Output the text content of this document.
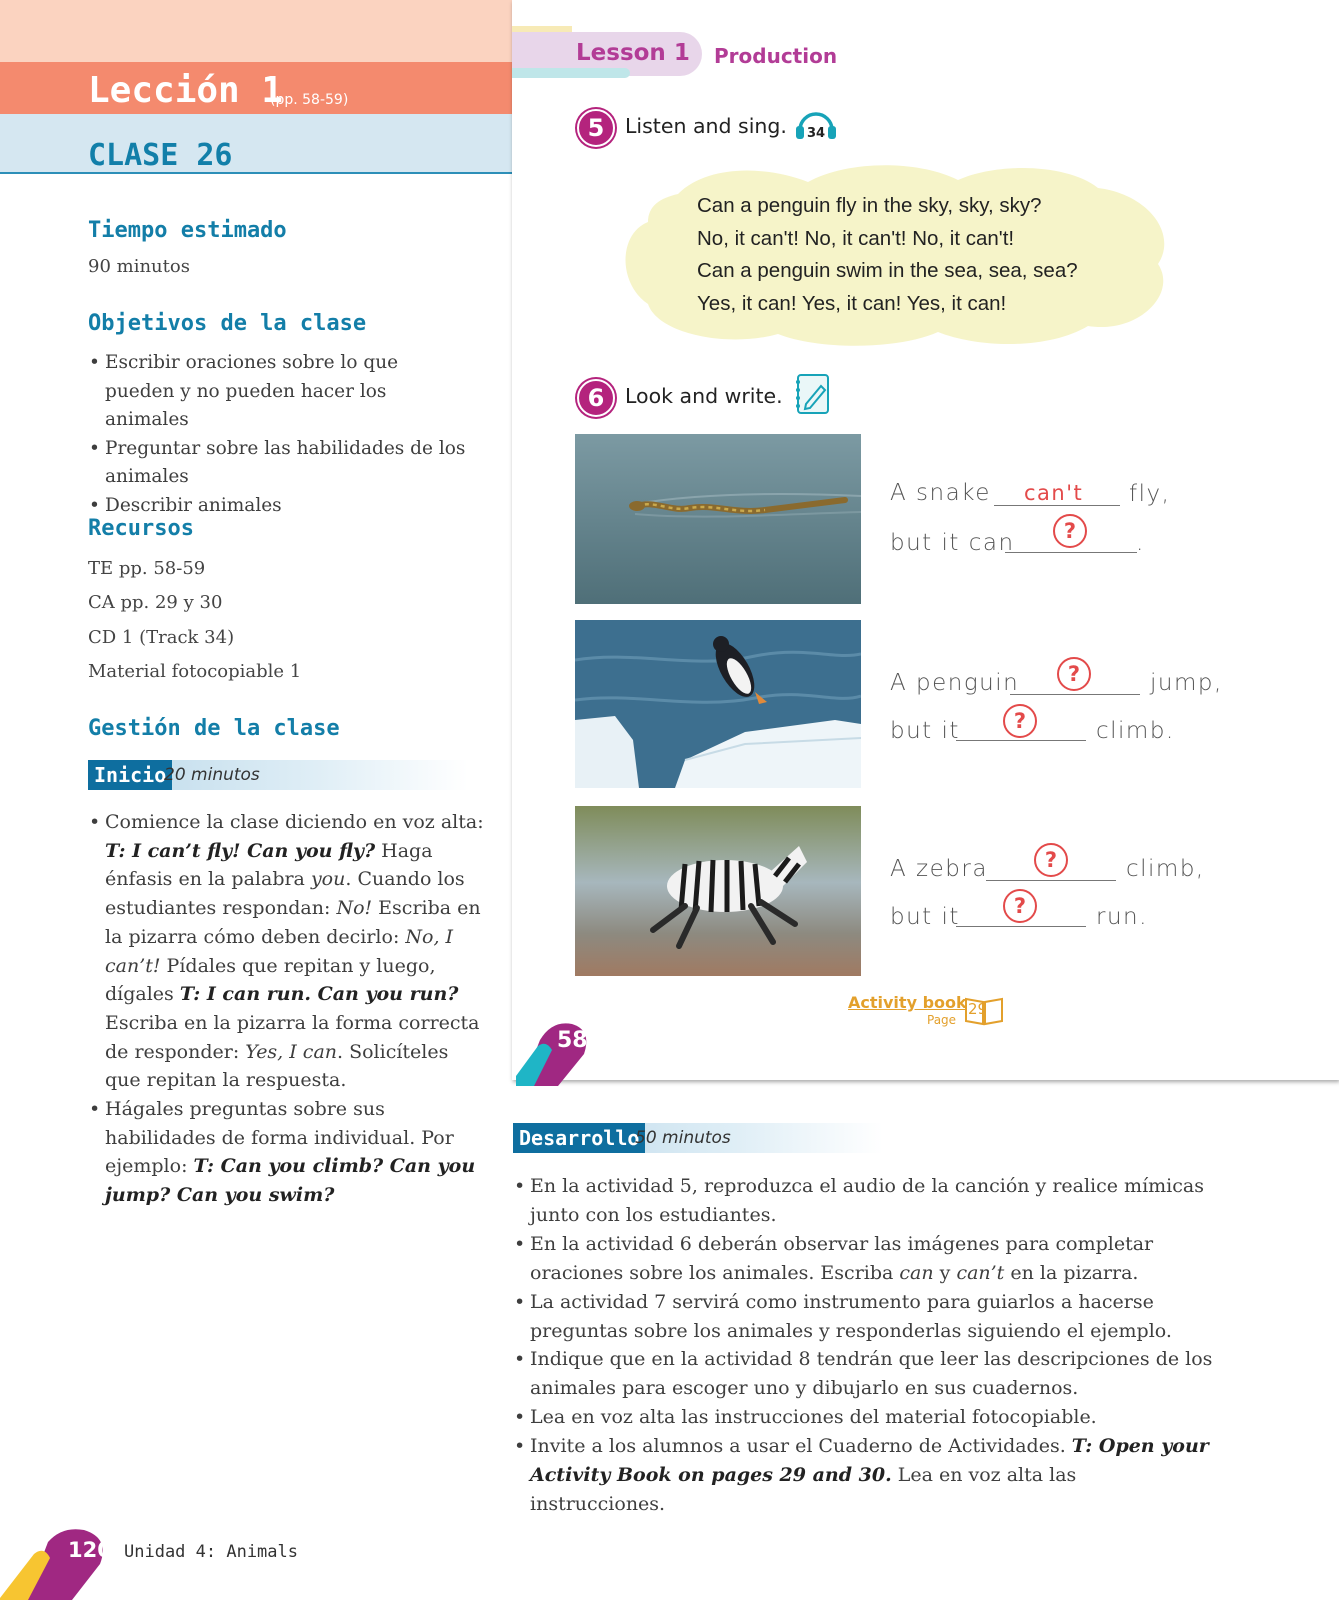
Lección 1
(pp. 58-59)
CLASE 26
Tiempo estimado

90 minutos

Objetivos de la clase
• Escribir oraciones sobre lo que pueden y no pueden hacer los animales
• Preguntar sobre las habilidades de los animales
• Describir animales
Recursos
TE pp. 58-59
CA pp. 29 y 30
CD 1 (Track 34)
Material fotocopiable 1
Gestión de la clase
Inicio
20 minutos

• Comience la clase diciendo en voz alta: T: I can’t fly! Can you fly? Haga énfasis en la palabra you. Cuando los estudiantes respondan: No! Escriba en la pizarra cómo deben decirlo: No, I can’t! Pídales que repitan y luego, dígales T: I can run. Can you run? Escriba en la pizarra la forma correcta de responder: Yes, I can. Solicíteles que repitan la respuesta.

• Hágales preguntas sobre sus habilidades de forma individual. Por ejemplo: T: Can you climb? Can you jump? Can you swim?

Lesson 1 Production
5	Listen and sing. 34
Can a penguin fly in the sky, sky, sky?
No, it can't! No, it can't! No, it can't!
Can a penguin swim in the sea, sea, sea?
Yes, it can! Yes, it can! Yes, it can!
6	Look and write.
A snake can't fly,
but it can	?	.
A penguin	?	jump,
but it	?	climb.
A zebra	?	climb,
but it	?	run.
Activity book
Page
29
58
Desarrollo
50 minutos
• En la actividad 5, reproduzca el audio de la canción y realice mímicas junto con los estudiantes.
• En la actividad 6 deberán observar las imágenes para completar oraciones sobre los animales. Escriba can y can’t en la pizarra.
• La actividad 7 servirá como instrumento para guiarlos a hacerse preguntas sobre los animales y responderlas siguiendo el ejemplo.
• Indique que en la actividad 8 tendrán que leer las descripciones de los animales para escoger uno y dibujarlo en sus cuadernos.
• Lea en voz alta las instrucciones del material fotocopiable.
• Invite a los alumnos a usar el Cuaderno de Actividades. T: Open your Activity Book on pages 29 and 30. Lea en voz alta las instrucciones.
120 Unidad 4: Animals
